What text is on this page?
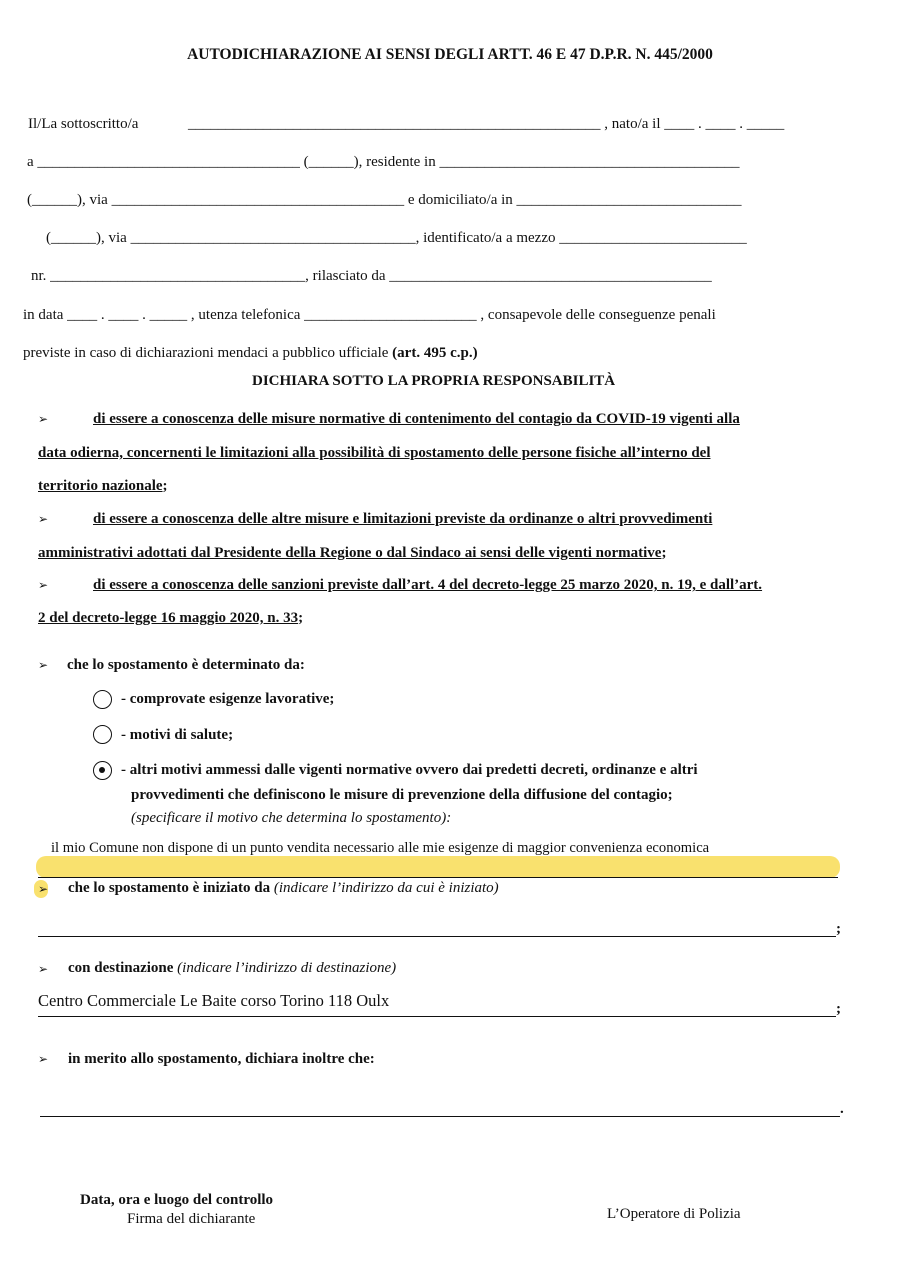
AUTODICHIARAZIONE AI SENSI DEGLI ARTT. 46 E 47 D.P.R. N. 445/2000
Il/La sottoscritto/a	_______________________________________________________ , nato/a il ____ . ____ . _____
a ___________________________________ (______), residente in ________________________________________
(______), via _______________________________________ e domiciliato/a in ______________________________
(______), via ______________________________________, identificato/a a mezzo _________________________
nr. __________________________________, rilasciato da ___________________________________________
in data ____ . ____ . _____ , utenza telefonica _______________________ , consapevole delle conseguenze penali
previste in caso di dichiarazioni mendaci a pubblico ufficiale (art. 495 c.p.)
DICHIARA SOTTO LA PROPRIA RESPONSABILITÀ
➢	di essere a conoscenza delle misure normative di contenimento del contagio da COVID-19 vigenti alla
data odierna, concernenti le limitazioni alla possibilità di spostamento delle persone fisiche all’interno del
territorio nazionale;
➢	di essere a conoscenza delle altre misure e limitazioni previste da ordinanze o altri provvedimenti
amministrativi adottati dal Presidente della Regione o dal Sindaco ai sensi delle vigenti normative;
➢	di essere a conoscenza delle sanzioni previste dall’art. 4 del decreto-legge 25 marzo 2020, n. 19, e dall’art.
2 del decreto-legge 16 maggio 2020, n. 33;
➢ che lo spostamento è determinato da:
- comprovate esigenze lavorative;
- motivi di salute;
- altri motivi ammessi dalle vigenti normative ovvero dai predetti decreti, ordinanze e altri
provvedimenti che definiscono le misure di prevenzione della diffusione del contagio;
(specificare il motivo che determina lo spostamento):
il mio Comune non dispone di un punto vendita necessario alle mie esigenze di maggior convenienza economica
➢ che lo spostamento è iniziato da (indicare l’indirizzo da cui è iniziato)
;
➢ con destinazione (indicare l’indirizzo di destinazione)
Centro Commerciale Le Baite corso Torino 118 Oulx	;
➢ in merito allo spostamento, dichiara inoltre che:
.
Data, ora e luogo del controllo
Firma del dichiarante	L’Operatore di Polizia
